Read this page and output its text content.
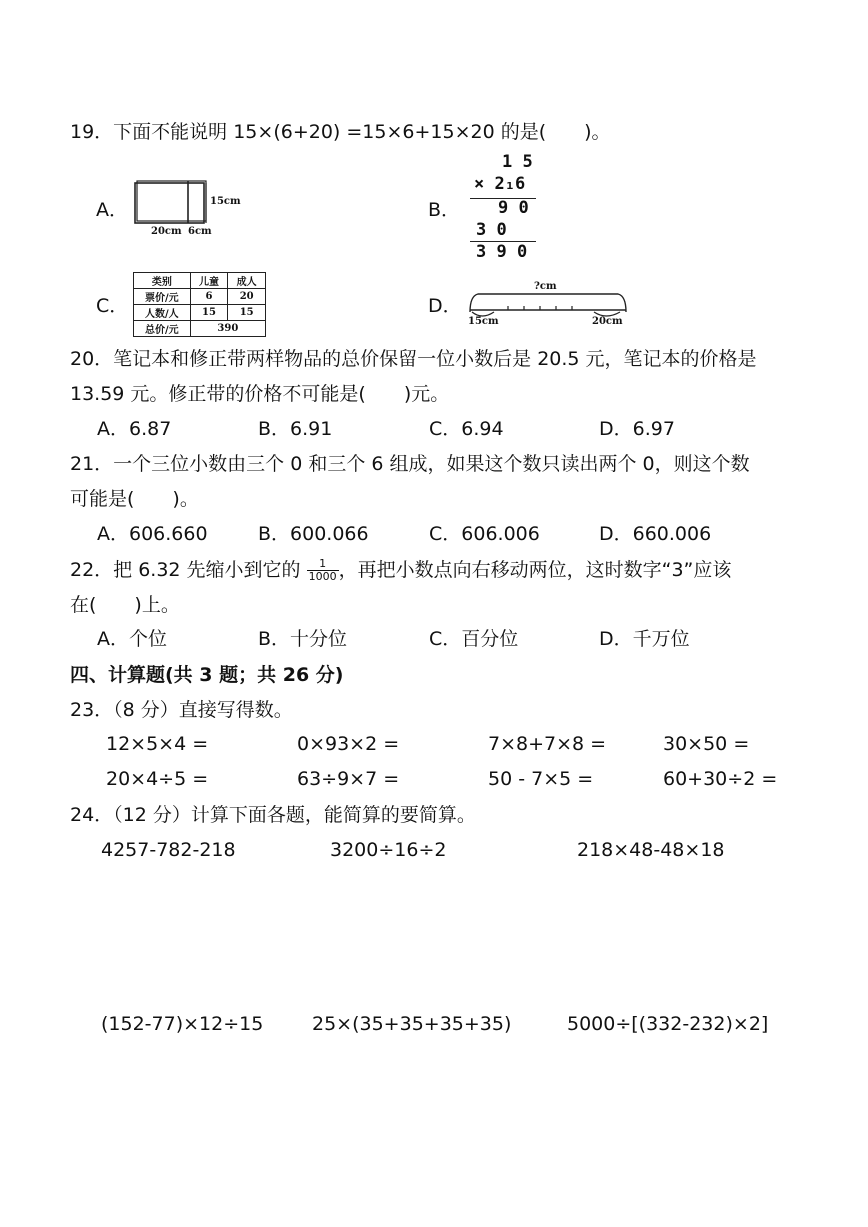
19．下面不能说明 15×(6+20) =15×6+15×20 的是(　　)。
A．	15cm
20cm 6cm
B．
1 5
× 2₁6
9 0
3 0
3 9 0
C．
类别	儿童	成人
票价/元	6	20
人数/人	15	15
总价/元	390	
D．
?cm
15cm	20cm
20．笔记本和修正带两样物品的总价保留一位小数后是 20.5 元，笔记本的价格是
13.59 元。修正带的价格不可能是(　　)元。
A．6.87	B．6.91	C．6.94	D．6.97
21．一个三位小数由三个 0 和三个 6 组成，如果这个数只读出两个 0，则这个数
可能是(　　)。
A．606.660	B．600.066	C．606.006	D．660.006
22．把 6.32 先缩小到它的 $\frac{1}{1000}$ ，再把小数点向右移动两位，这时数字“3”应该
在(　　)上。
A．个位	B．十分位	C．百分位	D．千万位
四、计算题(共 3 题；共 26 分)
23．（8 分）直接写得数。
12×5×4 =	0×93×2 =	7×8+7×8 =	30×50 =
20×4÷5 =	63÷9×7 =	50 - 7×5 =	60+30÷2 =
24．（12 分）计算下面各题，能简算的要简算。
4257-782-218	3200÷16÷2	218×48-48×18
(152-77)×12÷15	25×(35+35+35+35)	5000÷[(332-232)×2]
